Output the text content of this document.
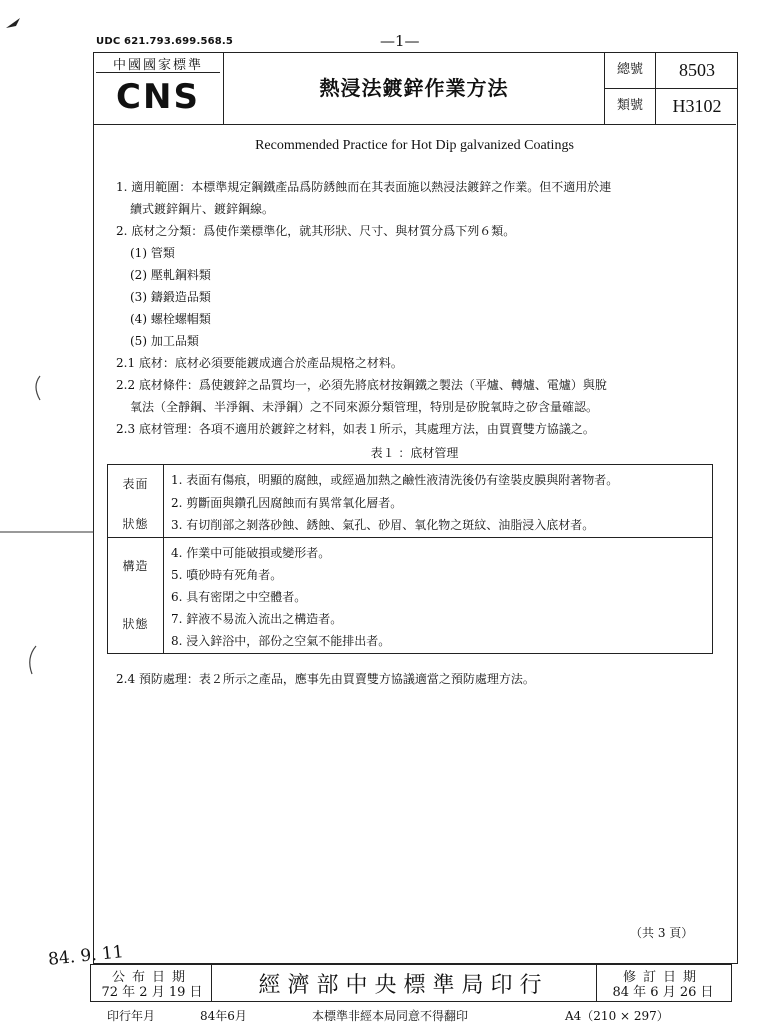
UDC 621.793.699.568.5	—1—
中國國家標準
CNS	熱浸法鍍鋅作業方法
總號	8503
類號	H3102
Recommended Practice for Hot Dip galvanized Coatings
1. 適用範圍：本標準規定鋼鐵產品爲防銹蝕而在其表面施以熱浸法鍍鋅之作業。但不適用於連
續式鍍鋅鋼片、鍍鋅鋼線。
2. 底材之分類：爲使作業標準化，就其形狀、尺寸、與材質分爲下列６類。
(1) 管類
(2) 壓軋鋼料類
(3) 鑄鍛造品類
(4) 螺栓螺帽類
(5) 加工品類
2.1 底材：底材必須要能鍍成適合於產品規格之材料。
2.2 底材條件：爲使鍍鋅之品質均一，必須先將底材按鋼鐵之製法（平爐、轉爐、電爐）與脫
氧法（全靜鋼、半淨鋼、未淨鋼）之不同來源分類管理，特別是矽脫氧時之矽含量確認。
2.3 底材管理：各項不適用於鍍鋅之材料，如表１所示，其處理方法，由買賣雙方協議之。
表１ ：底材管理
表面
狀態
1. 表面有傷痕，明顯的腐蝕，或經過加熱之鹼性液清洗後仍有塗裝皮膜與附著物者。
2. 剪斷面與鑽孔因腐蝕而有異常氧化層者。
3. 有切削部之剝落砂蝕、銹蝕、氣孔、砂眉、氧化物之斑紋、油脂浸入底材者。
構造
狀態
4. 作業中可能破損或變形者。
5. 噴砂時有死角者。
6. 具有密閉之中空體者。
7. 鋅液不易流入流出之構造者。
8. 浸入鋅浴中，部份之空氣不能排出者。
2.4 預防處理：表２所示之產品，應事先由買賣雙方協議適當之預防處理方法。
（共 3 頁）
84. 9. 11
公布日期
72 年 2 月 19 日	經濟部中央標準局印行	修訂日期
84 年 6 月 26 日
印行年月	84年6月	本標準非經本局同意不得翻印	A4（210 × 297）
